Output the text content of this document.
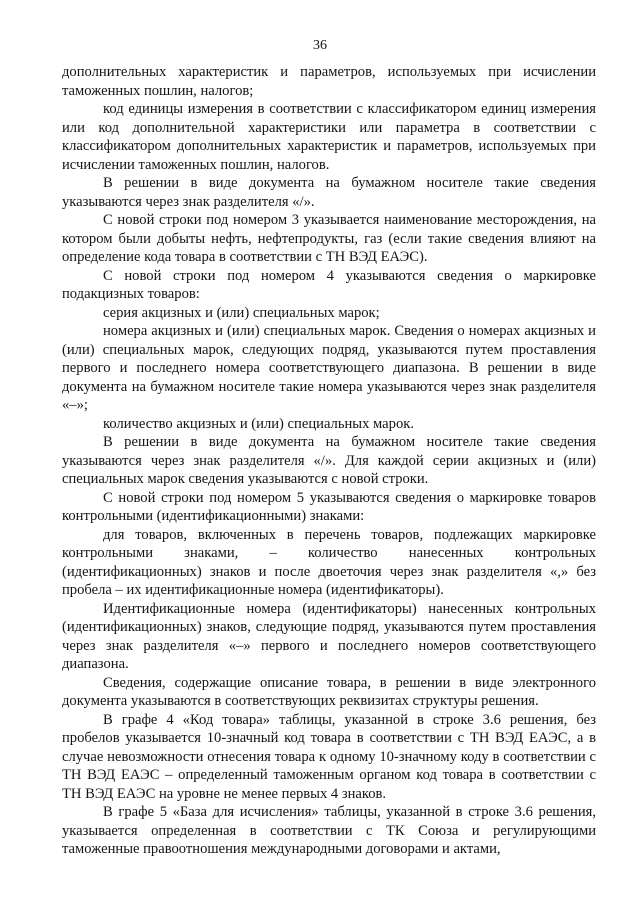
36

дополнительных характеристик и параметров, используемых при исчислении таможенных пошлин, налогов;

код единицы измерения в соответствии с классификатором единиц измерения или код дополнительной характеристики или параметра в соответствии с классификатором дополнительных характеристик и параметров, используемых при исчислении таможенных пошлин, налогов.

В решении в виде документа на бумажном носителе такие сведения указываются через знак разделителя «/».

С новой строки под номером 3 указывается наименование месторождения, на котором были добыты нефть, нефтепродукты, газ (если такие сведения влияют на определение кода товара в соответствии с ТН ВЭД ЕАЭС).

С новой строки под номером 4 указываются сведения о маркировке подакцизных товаров:

серия акцизных и (или) специальных марок;

номера акцизных и (или) специальных марок. Сведения о номерах акцизных и (или) специальных марок, следующих подряд, указываются путем проставления первого и последнего номера соответствующего диапазона. В решении в виде документа на бумажном носителе такие номера указываются через знак разделителя «–»;

количество акцизных и (или) специальных марок.

В решении в виде документа на бумажном носителе такие сведения указываются через знак разделителя «/». Для каждой серии акцизных и (или) специальных марок сведения указываются с новой строки.

С новой строки под номером 5 указываются сведения о маркировке товаров контрольными (идентификационными) знаками:

для товаров, включенных в перечень товаров, подлежащих маркировке контрольными знаками, – количество нанесенных контрольных (идентификационных) знаков и после двоеточия через знак разделителя «,» без пробела – их идентификационные номера (идентификаторы).

Идентификационные номера (идентификаторы) нанесенных контрольных (идентификационных) знаков, следующие подряд, указываются путем проставления через знак разделителя «–» первого и последнего номеров соответствующего диапазона.

Сведения, содержащие описание товара, в решении в виде электронного документа указываются в соответствующих реквизитах структуры решения.

В графе 4 «Код товара» таблицы, указанной в строке 3.6 решения, без пробелов указывается 10-значный код товара в соответствии с ТН ВЭД ЕАЭС, а в случае невозможности отнесения товара к одному 10-значному коду в соответствии с ТН ВЭД ЕАЭС – определенный таможенным органом код товара в соответствии с ТН ВЭД ЕАЭС на уровне не менее первых 4 знаков.

В графе 5 «База для исчисления» таблицы, указанной в строке 3.6 решения, указывается определенная в соответствии с ТК Союза и регулирующими таможенные правоотношения международными договорами и актами,
